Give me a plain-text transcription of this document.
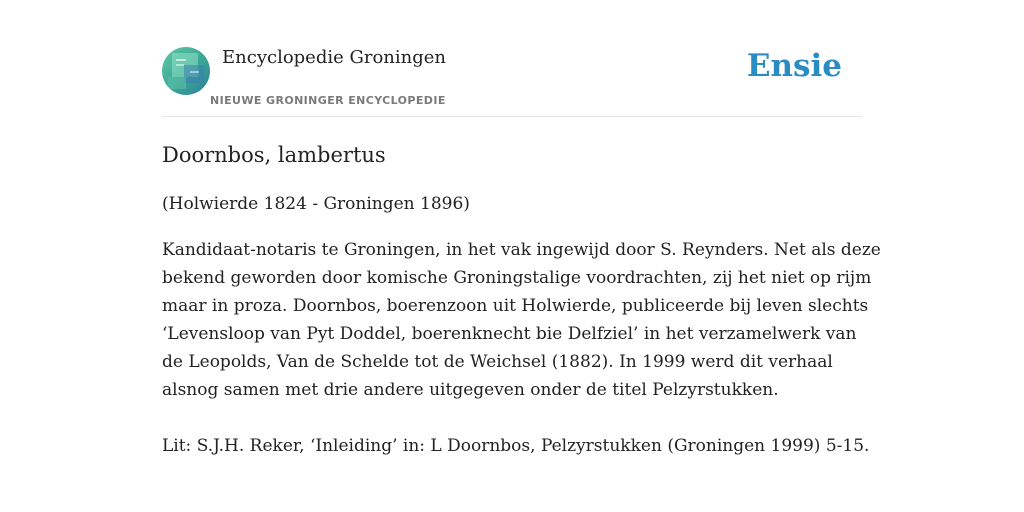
Encyclopedie Groningen
NIEUWE GRONINGER ENCYCLOPEDIE
Ensie
Doornbos, lambertus

(Holwierde 1824 - Groningen 1896)

Kandidaat-notaris te Groningen, in het vak ingewijd door S. Reynders. Net als deze
bekend geworden door komische Groningstalige voordrachten, zij het niet op rijm
maar in proza. Doornbos, boerenzoon uit Holwierde, publiceerde bij leven slechts
‘Levensloop van Pyt Doddel, boerenknecht bie Delfziel’ in het verzamelwerk van
de Leopolds, Van de Schelde tot de Weichsel (1882). In 1999 werd dit verhaal
alsnog samen met drie andere uitgegeven onder de titel Pelzyrstukken.

Lit: S.J.H. Reker, ‘Inleiding’ in: L Doornbos, Pelzyrstukken (Groningen 1999) 5-15.
